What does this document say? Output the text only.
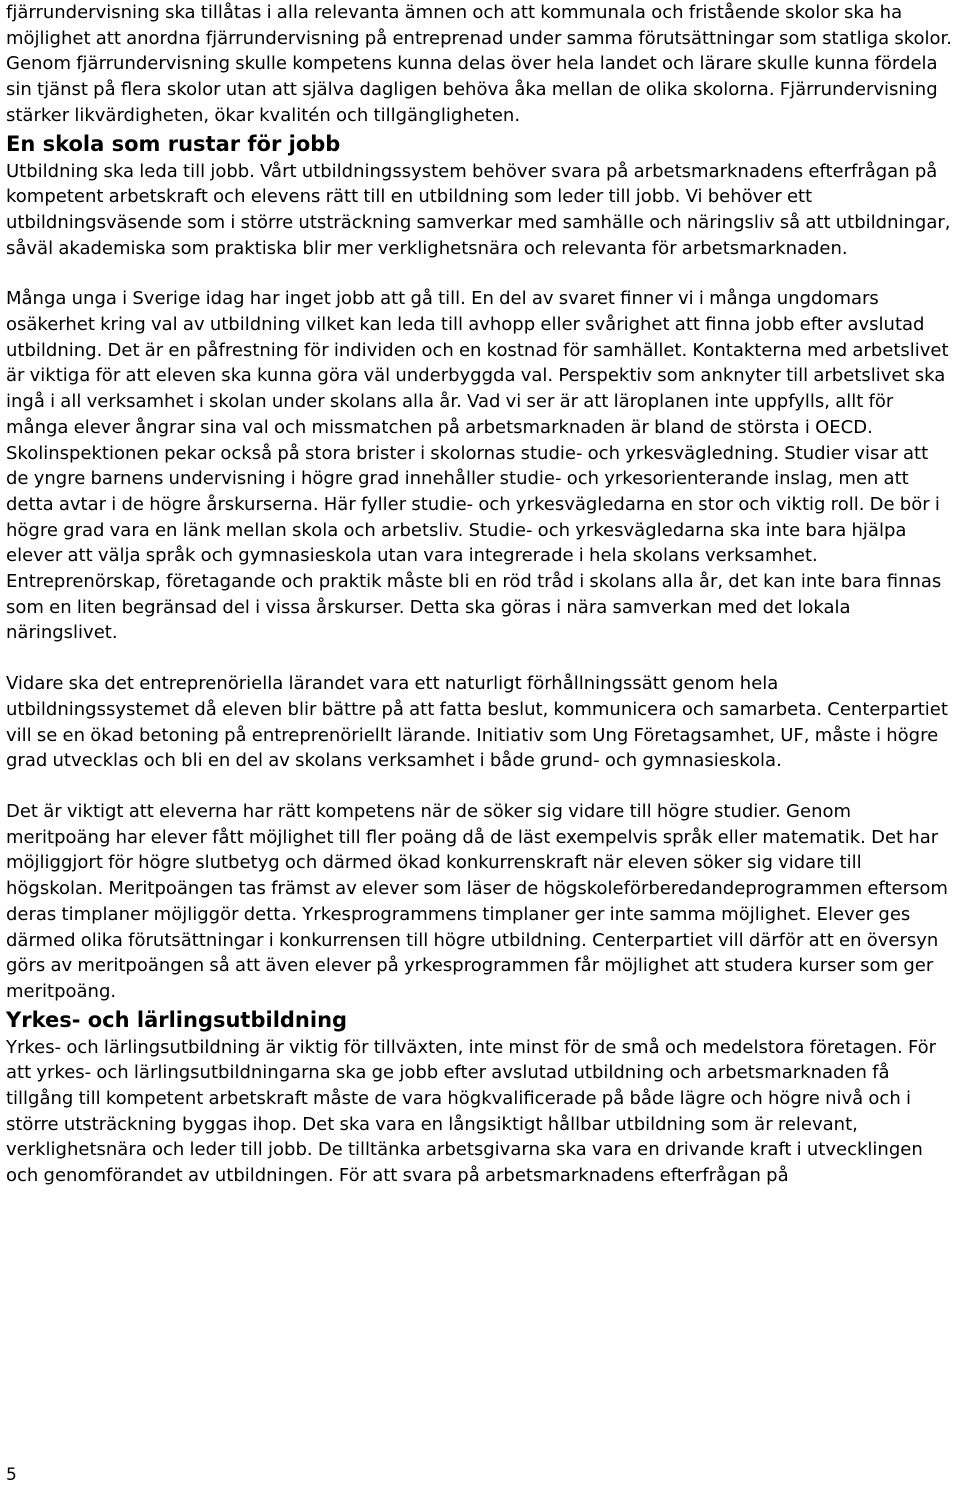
fjärrundervisning ska tillåtas i alla relevanta ämnen och att kommunala och fristående skolor ska ha möjlighet att anordna fjärrundervisning på entreprenad under samma förutsättningar som statliga skolor. Genom fjärrundervisning skulle kompetens kunna delas över hela landet och lärare skulle kunna fördela sin tjänst på flera skolor utan att själva dagligen behöva åka mellan de olika skolorna. Fjärrundervisning stärker likvärdigheten, ökar kvalitén och tillgängligheten.

En skola som rustar för jobb

Utbildning ska leda till jobb. Vårt utbildningssystem behöver svara på arbetsmarknadens efterfrågan på kompetent arbetskraft och elevens rätt till en utbildning som leder till jobb. Vi behöver ett utbildningsväsende som i större utsträckning samverkar med samhälle och näringsliv så att utbildningar, såväl akademiska som praktiska blir mer verklighetsnära och relevanta för arbetsmarknaden.

Många unga i Sverige idag har inget jobb att gå till. En del av svaret finner vi i många ungdomars osäkerhet kring val av utbildning vilket kan leda till avhopp eller svårighet att finna jobb efter avslutad utbildning. Det är en påfrestning för individen och en kostnad för samhället. Kontakterna med arbetslivet är viktiga för att eleven ska kunna göra väl underbyggda val. Perspektiv som anknyter till arbetslivet ska ingå i all verksamhet i skolan under skolans alla år. Vad vi ser är att läroplanen inte uppfylls, allt för många elever ångrar sina val och missmatchen på arbetsmarknaden är bland de största i OECD. Skolinspektionen pekar också på stora brister i skolornas studie- och yrkesvägledning. Studier visar att de yngre barnens undervisning i högre grad innehåller studie- och yrkesorienterande inslag, men att detta avtar i de högre årskurserna. Här fyller studie- och yrkesvägledarna en stor och viktig roll. De bör i högre grad vara en länk mellan skola och arbetsliv. Studie- och yrkesvägledarna ska inte bara hjälpa elever att välja språk och gymnasieskola utan vara integrerade i hela skolans verksamhet. Entreprenörskap, företagande och praktik måste bli en röd tråd i skolans alla år, det kan inte bara finnas som en liten begränsad del i vissa årskurser. Detta ska göras i nära samverkan med det lokala näringslivet.

Vidare ska det entreprenöriella lärandet vara ett naturligt förhållningssätt genom hela utbildningssystemet då eleven blir bättre på att fatta beslut, kommunicera och samarbeta. Centerpartiet vill se en ökad betoning på entreprenöriellt lärande. Initiativ som Ung Företagsamhet, UF, måste i högre grad utvecklas och bli en del av skolans verksamhet i både grund- och gymnasieskola.

Det är viktigt att eleverna har rätt kompetens när de söker sig vidare till högre studier. Genom meritpoäng har elever fått möjlighet till fler poäng då de läst exempelvis språk eller matematik. Det har möjliggjort för högre slutbetyg och därmed ökad konkurrenskraft när eleven söker sig vidare till högskolan. Meritpoängen tas främst av elever som läser de högskoleförberedandeprogrammen eftersom deras timplaner möjliggör detta. Yrkesprogrammens timplaner ger inte samma möjlighet. Elever ges därmed olika förutsättningar i konkurrensen till högre utbildning. Centerpartiet vill därför att en översyn görs av meritpoängen så att även elever på yrkesprogrammen får möjlighet att studera kurser som ger meritpoäng.

Yrkes- och lärlingsutbildning

Yrkes- och lärlingsutbildning är viktig för tillväxten, inte minst för de små och medelstora företagen. För att yrkes- och lärlingsutbildningarna ska ge jobb efter avslutad utbildning och arbetsmarknaden få tillgång till kompetent arbetskraft måste de vara högkvalificerade på både lägre och högre nivå och i större utsträckning byggas ihop. Det ska vara en långsiktigt hållbar utbildning som är relevant, verklighetsnära och leder till jobb. De tilltänka arbetsgivarna ska vara en drivande kraft i utvecklingen och genomförandet av utbildningen. För att svara på arbetsmarknadens efterfrågan på

5
